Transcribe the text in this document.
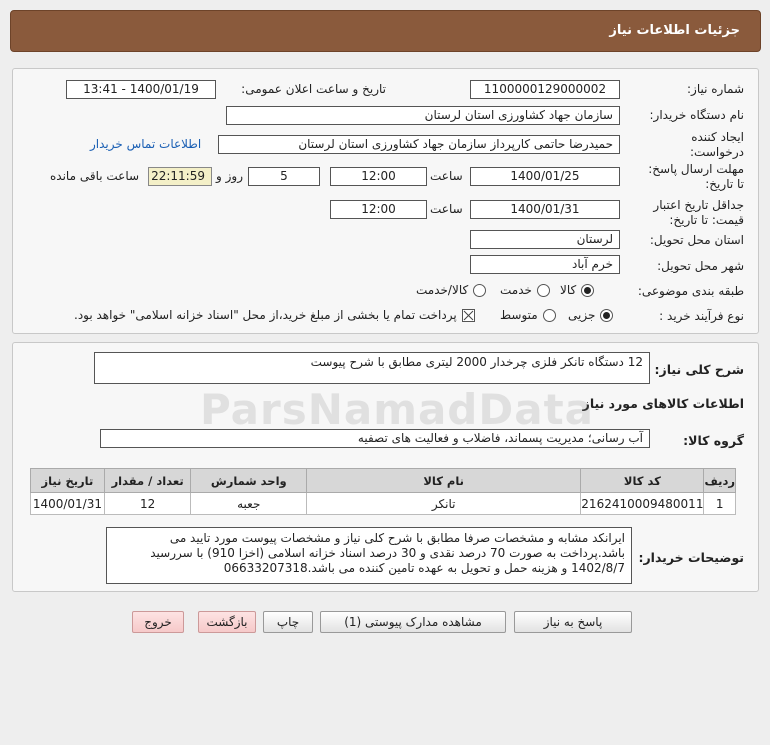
جزئیات اطلاعات نیاز
شماره نیاز:
1100000129000002
تاریخ و ساعت اعلان عمومی:
1400/01/19 - 13:41
نام دستگاه خریدار:
سازمان جهاد کشاورزی استان لرستان
ایجاد کننده
درخواست:
حمیدرضا حاتمی کارپرداز سازمان جهاد کشاورزی استان لرستان
اطلاعات تماس خریدار
مهلت ارسال پاسخ:
تا تاریخ:
1400/01/25
ساعت
12:00
5
روز و
22:11:59
ساعت باقی مانده
جداقل تاریخ اعتبار
قیمت: تا تاریخ:
1400/01/31
ساعت
12:00
استان محل تحویل:
لرستان
شهر محل تحویل:
خرم آباد
طبقه بندی موضوعی:
کالا
خدمت
کالا/خدمت
نوع فرآیند خرید :
جزیی
متوسط
پرداخت تمام یا بخشی از مبلغ خرید،از محل "اسناد خزانه اسلامی" خواهد بود.
شرح کلی نیاز:
12 دستگاه تانکر فلزی چرخدار 2000 لیتری مطابق با شرح پیوست
اطلاعات کالاهای مورد نیاز
گروه کالا:
آب رسانی؛ مدیریت پسماند، فاضلاب و فعالیت های تصفیه
ردیف	کد کالا	نام کالا	واحد شمارش	تعداد / مقدار	تاریخ نیاز
1	2162410009480011	تانکر	جعبه	12	1400/01/31
توضیحات خریدار:
ایرانکد مشابه و مشخصات صرفا مطابق با شرح کلی نیاز و مشخصات پیوست مورد تایید می
باشد.پرداخت به صورت 70 درصد نقدی و 30 درصد اسناد خزانه اسلامی (اخزا 910) با سررسید
1402/8/7 و هزینه حمل و تحویل به عهده تامین کننده می باشد.06633207318
ParsNamadData
پاسخ به نیاز
مشاهده مدارک پیوستی (1)
چاپ
بازگشت
خروج
